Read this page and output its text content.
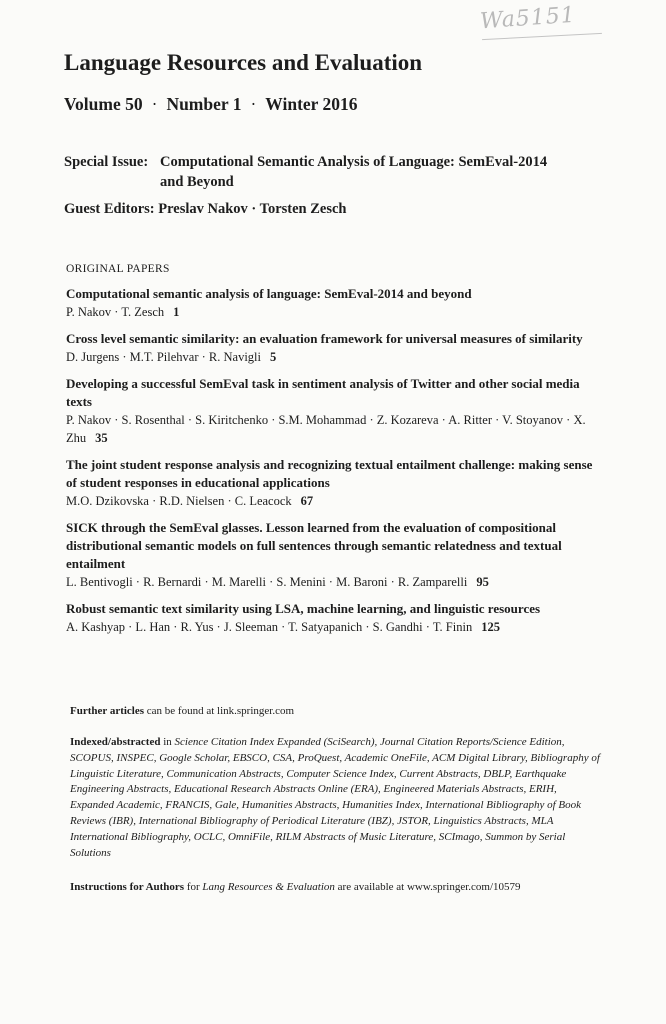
Wa5151
Language Resources and Evaluation
Volume 50 · Number 1 · Winter 2016
Special Issue: Computational Semantic Analysis of Language: SemEval-2014
and Beyond
Guest Editors: Preslav Nakov · Torsten Zesch
ORIGINAL PAPERS
Computational semantic analysis of language: SemEval-2014 and beyond
P. Nakov · T. Zesch 1
Cross level semantic similarity: an evaluation framework for universal measures of similarity
D. Jurgens · M.T. Pilehvar · R. Navigli 5
Developing a successful SemEval task in sentiment analysis of Twitter and other social media texts
P. Nakov · S. Rosenthal · S. Kiritchenko · S.M. Mohammad · Z. Kozareva · A. Ritter · V. Stoyanov · X. Zhu 35
The joint student response analysis and recognizing textual entailment challenge: making sense of student responses in educational applications
M.O. Dzikovska · R.D. Nielsen · C. Leacock 67
SICK through the SemEval glasses. Lesson learned from the evaluation of compositional distributional semantic models on full sentences through semantic relatedness and textual entailment
L. Bentivogli · R. Bernardi · M. Marelli · S. Menini · M. Baroni · R. Zamparelli 95
Robust semantic text similarity using LSA, machine learning, and linguistic resources
A. Kashyap · L. Han · R. Yus · J. Sleeman · T. Satyapanich · S. Gandhi · T. Finin 125
Further articles can be found at link.springer.com
Indexed/abstracted in Science Citation Index Expanded (SciSearch), Journal Citation Reports/Science Edition, SCOPUS, INSPEC, Google Scholar, EBSCO, CSA, ProQuest, Academic OneFile, ACM Digital Library, Bibliography of Linguistic Literature, Communication Abstracts, Computer Science Index, Current Abstracts, DBLP, Earthquake Engineering Abstracts, Educational Research Abstracts Online (ERA), Engineered Materials Abstracts, ERIH, Expanded Academic, FRANCIS, Gale, Humanities Abstracts, Humanities Index, International Bibliography of Book Reviews (IBR), International Bibliography of Periodical Literature (IBZ), JSTOR, Linguistics Abstracts, MLA International Bibliography, OCLC, OmniFile, RILM Abstracts of Music Literature, SCImago, Summon by Serial Solutions
Instructions for Authors for Lang Resources & Evaluation are available at www.springer.com/10579
